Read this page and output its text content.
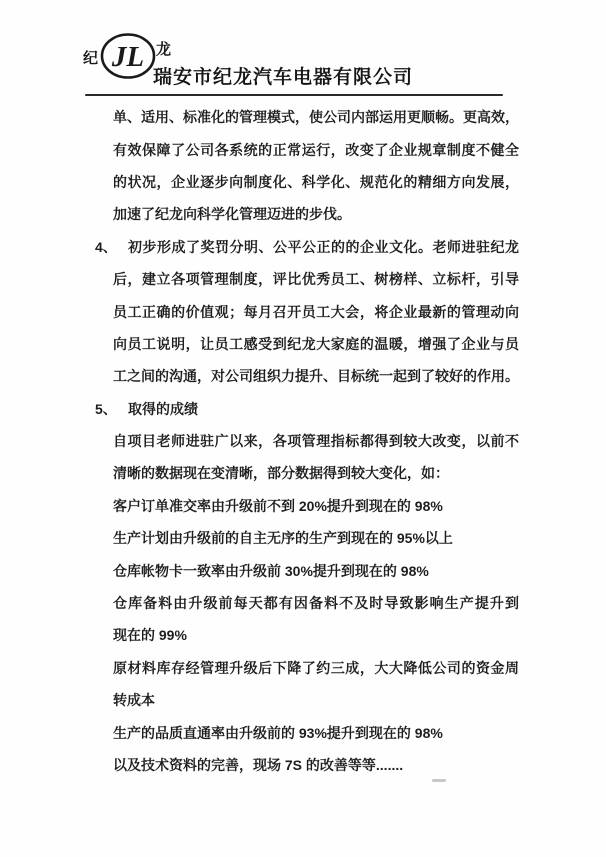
JL
纪
龙
瑞安市纪龙汽车电器有限公司
单、适用、标准化的管理模式，使公司内部运用更顺畅。更高效，
有效保障了公司各系统的正常运行，改变了企业规章制度不健全
的状况，企业逐步向制度化、科学化、规范化的精细方向发展，
加速了纪龙向科学化管理迈进的步伐。
4、 初步形成了奖罚分明、公平公正的的企业文化。老师进驻纪龙
后，建立各项管理制度，评比优秀员工、树榜样、立标杆，引导
员工正确的价值观；每月召开员工大会，将企业最新的管理动向
向员工说明，让员工感受到纪龙大家庭的温暖，增强了企业与员
工之间的沟通，对公司组织力提升、目标统一起到了较好的作用。
5、 取得的成绩
自项目老师进驻广以来，各项管理指标都得到较大改变，以前不
清晰的数据现在变清晰，部分数据得到较大变化，如：
客户订单准交率由升级前不到 20%提升到现在的 98%
生产计划由升级前的自主无序的生产到现在的 95%以上
仓库帐物卡一致率由升级前 30%提升到现在的 98%
仓库备料由升级前每天都有因备料不及时导致影响生产提升到
现在的 99%
原材料库存经管理升级后下降了约三成，大大降低公司的资金周
转成本
生产的品质直通率由升级前的 93%提升到现在的 98%
以及技术资料的完善，现场 7S 的改善等等.......
